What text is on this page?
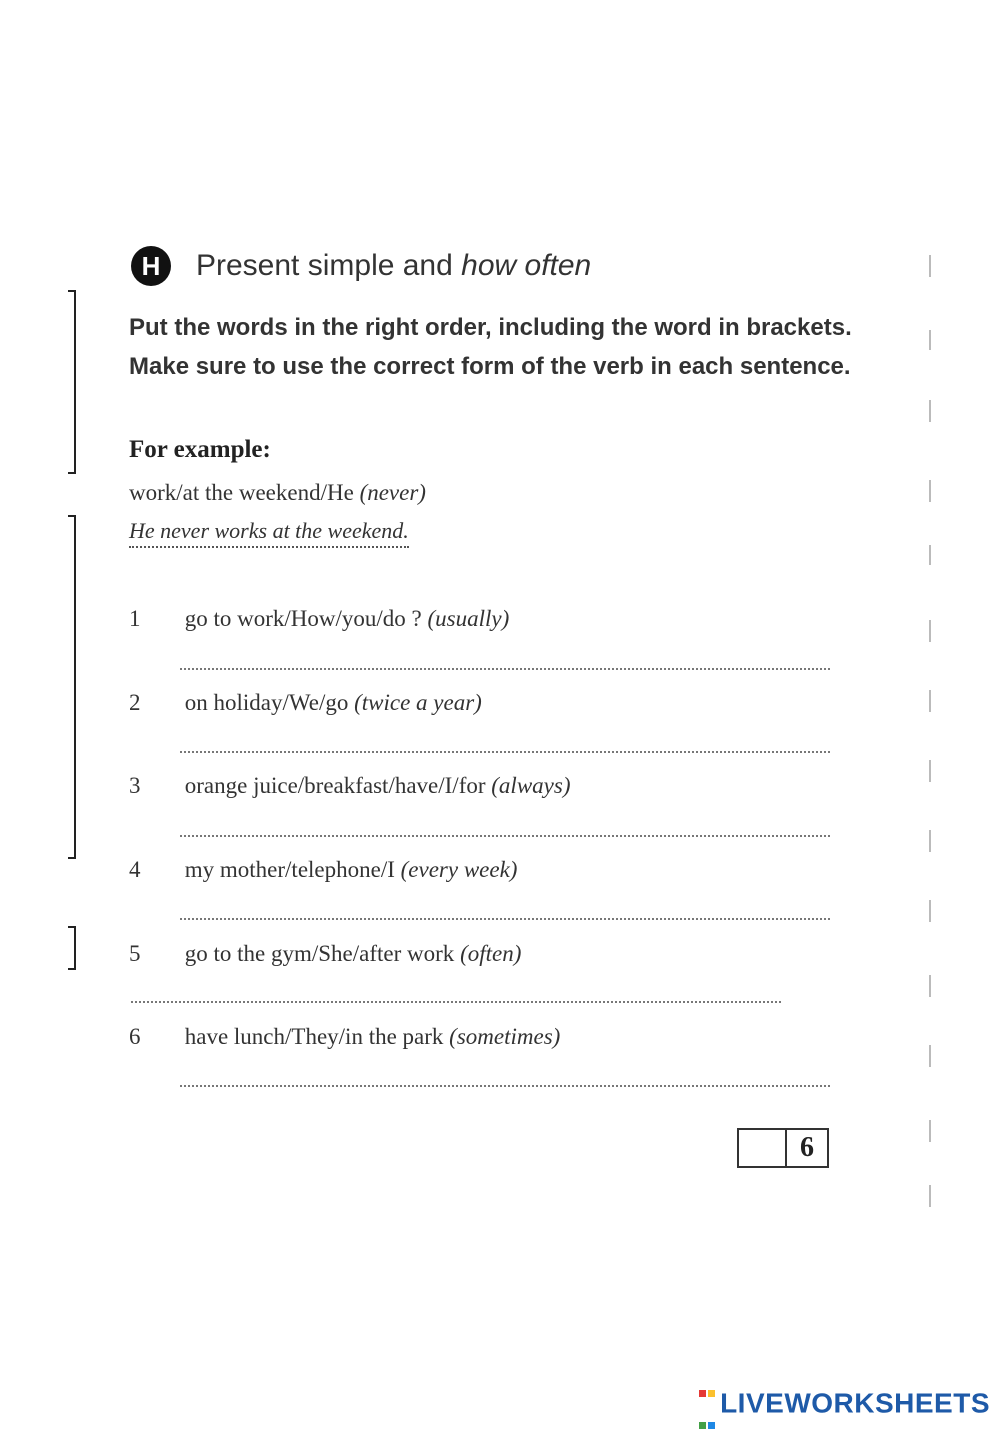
H	Present simple and how often
Put the words in the right order, including the word in brackets. Make sure to use the correct form of the verb in each sentence.
For example:
work/at the weekend/He (never)
He never works at the weekend.
1 go to work/How/you/do ? (usually)
2 on holiday/We/go (twice a year)
3 orange juice/breakfast/have/I/for (always)
4 my mother/telephone/I (every week)
5 go to the gym/She/after work (often)
6 have lunch/They/in the park (sometimes)
6

LIVEWORKSHEETS
